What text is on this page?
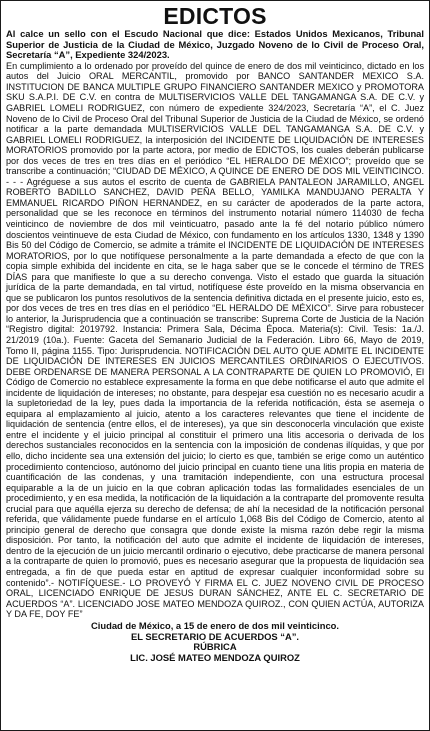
EDICTOS

Al calce un sello con el Escudo Nacional que dice: Estados Unidos Mexicanos, Tribunal Superior de Justicia de la Ciudad de México, Juzgado Noveno de lo Civil de Proceso Oral, Secretaría “A”, Expediente 324/2023.

En cumplimiento a lo ordenado por proveído del quince de enero de dos mil veinticinco, dictado en los autos del Juicio ORAL MERCANTIL, promovido por BANCO SANTANDER MEXICO S.A. INSTITUCION DE BANCA MULTIPLE GRUPO FINANCIERO SANTANDER MEXICO y PROMOTORA SKU S.A.P.I. DE C.V. en contra de MULTISERVICIOS VALLE DEL TANGAMANGA S.A. DE C.V. y GABRIEL LOMELI RODRIGUEZ, con número de expediente 324/2023, Secretaría “A”, el C. Juez Noveno de lo Civil de Proceso Oral del Tribunal Superior de Justicia de la Ciudad de México, se ordenó notificar a la parte demandada MULTISERVICIOS VALLE DEL TANGAMANGA S.A. DE C.V. y GABRIEL LOMELI RODRIGUEZ, la interposición del INCIDENTE DE LIQUIDACIÓN DE INTERESES MORATORIOS promovido por la parte actora, por medio de EDICTOS, los cuales deberán publicarse por dos veces de tres en tres días en el periódico “EL HERALDO DE MÉXICO”; proveído que se transcribe a continuación; “CIUDAD DE MÉXICO, A QUINCE DE ENERO DE DOS MIL VEINTICINCO. - - - Agréguese a sus autos el escrito de cuenta de GABRIELA PANTALEON JARAMILLO, ANGEL ROBERTO BADILLO SANCHEZ, DAVID PEÑA BELLO, YAMILKA MANDUJANO PERALTA Y EMMANUEL RICARDO PIÑON HERNANDEZ, en su carácter de apoderados de la parte actora, personalidad que se les reconoce en términos del instrumento notarial número 114030 de fecha veinticinco de noviembre de dos mil veinticuatro, pasado ante la fé del notario público número doscientos veintinueve de esta Ciudad de México, con fundamento en los artículos 1330, 1348 y 1390 Bis 50 del Código de Comercio, se admite a trámite el INCIDENTE DE LIQUIDACIÓN DE INTERESES MORATORIOS, por lo que notifíquese personalmente a la parte demandada a efecto de que con la copia simple exhibida del incidente en cita, se le haga saber que se le concede el término de TRES DÍAS para que manifieste lo que a su derecho convenga. Visto el estado que guarda la situación jurídica de la parte demandada, en tal virtud, notifíquese éste proveído en la misma observancia en que se publicaron los puntos resolutivos de la sentencia definitiva dictada en el presente juicio, esto es, por dos veces de tres en tres días en el periódico “EL HERALDO DE MÉXICO”. Sirve para robustecer lo anterior, la Jurisprudencia que a continuación se transcribe: Suprema Corte de Justicia de la Nación “Registro digital: 2019792. Instancia: Primera Sala, Décima Época. Materia(s): Civil. Tesis: 1a./J. 21/2019 (10a.). Fuente: Gaceta del Semanario Judicial de la Federación. Libro 66, Mayo de 2019, Tomo II, página 1155. Tipo: Jurisprudencia. NOTIFICACIÓN DEL AUTO QUE ADMITE EL INCIDENTE DE LIQUIDACIÓN DE INTERESES EN JUICIOS MERCANTILES ORDINARIOS O EJECUTIVOS. DEBE ORDENARSE DE MANERA PERSONAL A LA CONTRAPARTE DE QUIEN LO PROMOVIÓ, El Código de Comercio no establece expresamente la forma en que debe notificarse el auto que admite el incidente de liquidación de intereses; no obstante, para despejar esa cuestión no es necesario acudir a la supletoriedad de la ley, pues dada la importancia de la referida notificación, ésta se asemeja o equipara al emplazamiento al juicio, atento a los caracteres relevantes que tiene el incidente de liquidación de sentencia (entre ellos, el de intereses), ya que sin desconocerla vinculación que existe entre el incidente y el juicio principal al constituir el primero una litis accesoria o derivada de los derechos sustanciales reconocidos en la sentencia con la imposición de condenas ilíquidas, y que por ello, dicho incidente sea una extensión del juicio; lo cierto es que, también se erige como un auténtico procedimiento contencioso, autónomo del juicio principal en cuanto tiene una litis propia en materia de cuantificación de las condenas, y una tramitación independiente, con una estructura procesal equiparable a la de un juicio en la que cobran aplicación todas las formalidades esenciales de un procedimiento, y en esa medida, la notificación de la liquidación a la contraparte del promovente resulta crucial para que aquélla ejerza su derecho de defensa; de ahí la necesidad de la notificación personal referida, que válidamente puede fundarse en el artículo 1,068 Bis del Código de Comercio, atento al principio general de derecho que consagra que donde existe la misma razón debe regir la misma disposición. Por tanto, la notificación del auto que admite el incidente de liquidación de intereses, dentro de la ejecución de un juicio mercantil ordinario o ejecutivo, debe practicarse de manera personal a la contraparte de quien lo promovió, pues es necesario asegurar que la propuesta de liquidación sea entregada, a fin de que pueda estar en aptitud de expresar cualquier inconformidad sobre su contenido”.- NOTIFÍQUESE.- LO PROVEYÓ Y FIRMA EL C. JUEZ NOVENO CIVIL DE PROCESO ORAL, LICENCIADO ENRIQUE DE JESUS DURAN SÁNCHEZ, ANTE EL C. SECRETARIO DE ACUERDOS “A”. LICENCIADO JOSE MATEO MENDOZA QUIROZ., CON QUIEN ACTÚA, AUTORIZA Y DA FE, DOY FE”

Ciudad de México, a 15 de enero de dos mil veinticinco.
EL SECRETARIO DE ACUERDOS “A”.
RÚBRICA
LIC. JOSÉ MATEO MENDOZA QUIROZ
